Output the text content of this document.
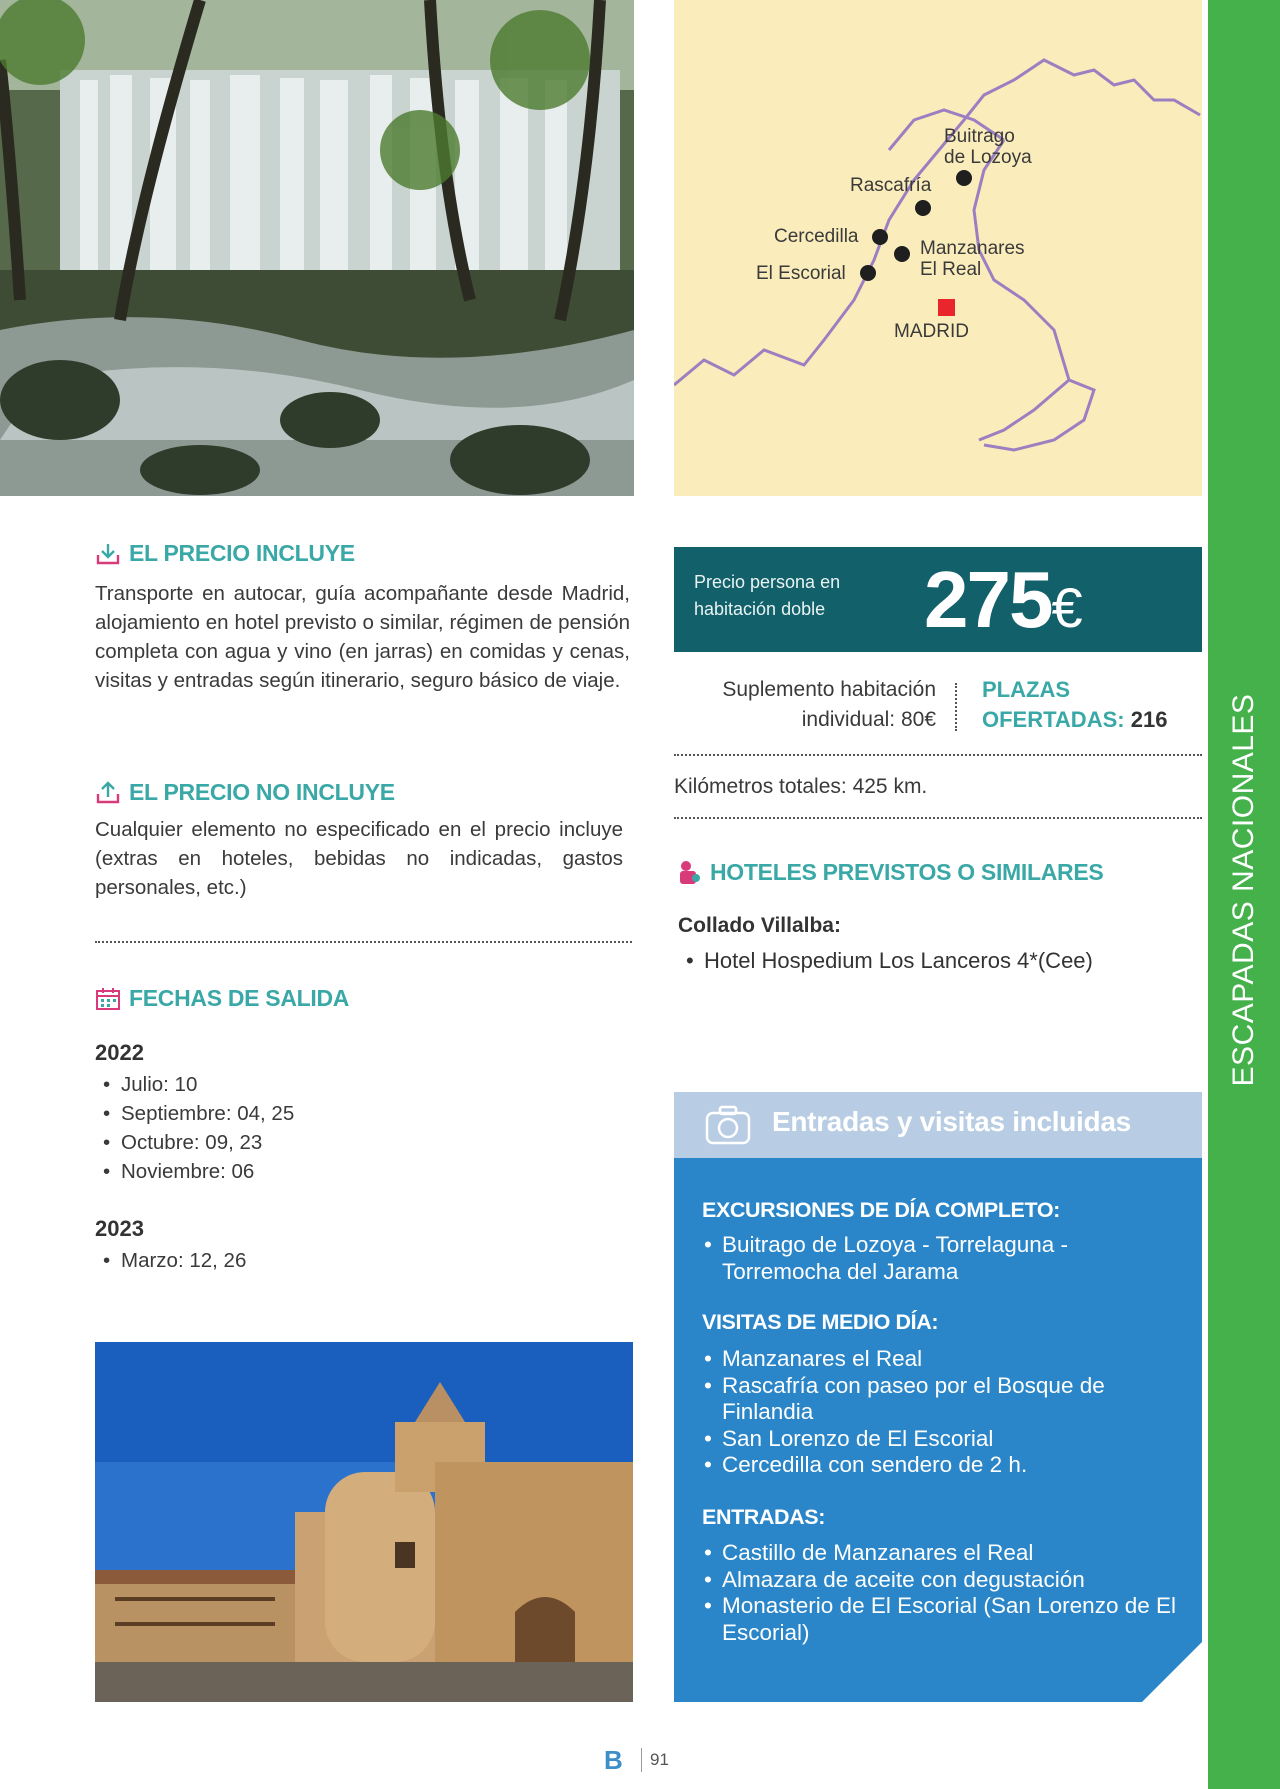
Buitrago
de Lozoya
Rascafría
Cercedilla
Manzanares
El Real
El Escorial
MADRID
ESCAPADAS NACIONALES
EL PRECIO INCLUYE
Transporte en autocar, guía acompañante desde Madrid, alojamiento en hotel previsto o similar, régimen de pensión completa con agua y vino (en jarras) en comidas y cenas, visitas y entradas según itinerario, seguro básico de viaje.
EL PRECIO NO INCLUYE
Cualquier elemento no especificado en el precio incluye (extras en hoteles, bebidas no indicadas, gastos personales, etc.)
FECHAS DE SALIDA
2022
• Julio: 10
• Septiembre: 04, 25
• Octubre: 09, 23
• Noviembre: 06
2023
• Marzo: 12, 26
Precio persona en habitación doble	275€
Suplemento habitación
individual: 80€
PLAZAS
OFERTADAS: 216
Kilómetros totales: 425 km.
HOTELES PREVISTOS O SIMILARES
Collado Villalba:
• Hotel Hospedium Los Lanceros 4*(Cee)
Entradas y visitas incluidas
EXCURSIONES DE DÍA COMPLETO:
• Buitrago de Lozoya - Torrelaguna - Torremocha del Jarama
VISITAS DE MEDIO DÍA:
• Manzanares el Real
• Rascafría con paseo por el Bosque de Finlandia
• San Lorenzo de El Escorial
• Cercedilla con sendero de 2 h.
ENTRADAS:
• Castillo de Manzanares el Real
• Almazara de aceite con degustación
• Monasterio de El Escorial (San Lorenzo de El Escorial)
B 91
